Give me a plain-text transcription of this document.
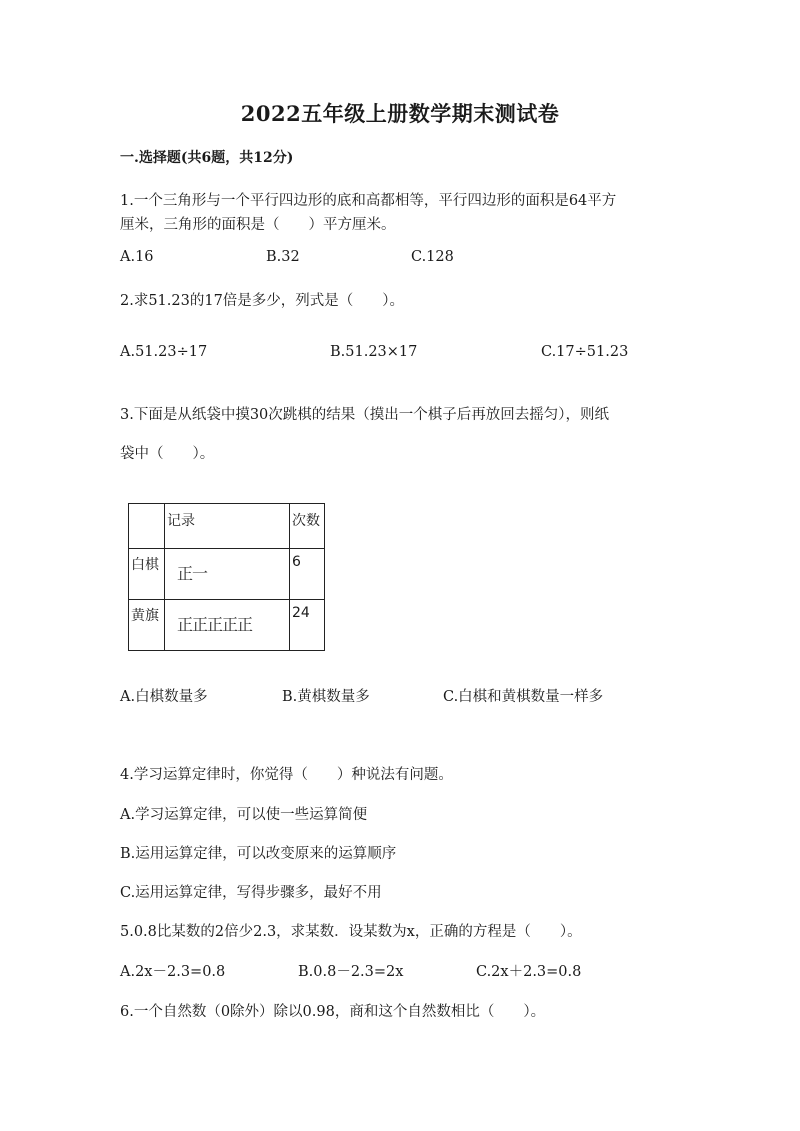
2022五年级上册数学期末测试卷
一.选择题(共6题，共12分)
1.一个三角形与一个平行四边形的底和高都相等，平行四边形的面积是64平方
厘米，三角形的面积是（　　）平方厘米。
A.16	B.32	C.128
2.求51.23的17倍是多少，列式是（　　）。
A.51.23÷17	B.51.23×17	C.17÷51.23
3.下面是从纸袋中摸30次跳棋的结果（摸出一个棋子后再放回去摇匀），则纸
袋中（　　）。
	记录	次数
白棋	正一	6
黄旗	正正正正正	24
A.白棋数量多	B.黄棋数量多	C.白棋和黄棋数量一样多
4.学习运算定律时，你觉得（　　）种说法有问题。
A.学习运算定律，可以使一些运算简便
B.运用运算定律，可以改变原来的运算顺序
C.运用运算定律，写得步骤多，最好不用
5.0.8比某数的2倍少2.3，求某数．设某数为x，正确的方程是（　　）。
A.2x－2.3=0.8	B.0.8－2.3=2x	C.2x＋2.3=0.8
6.一个自然数（0除外）除以0.98，商和这个自然数相比（　　）。
